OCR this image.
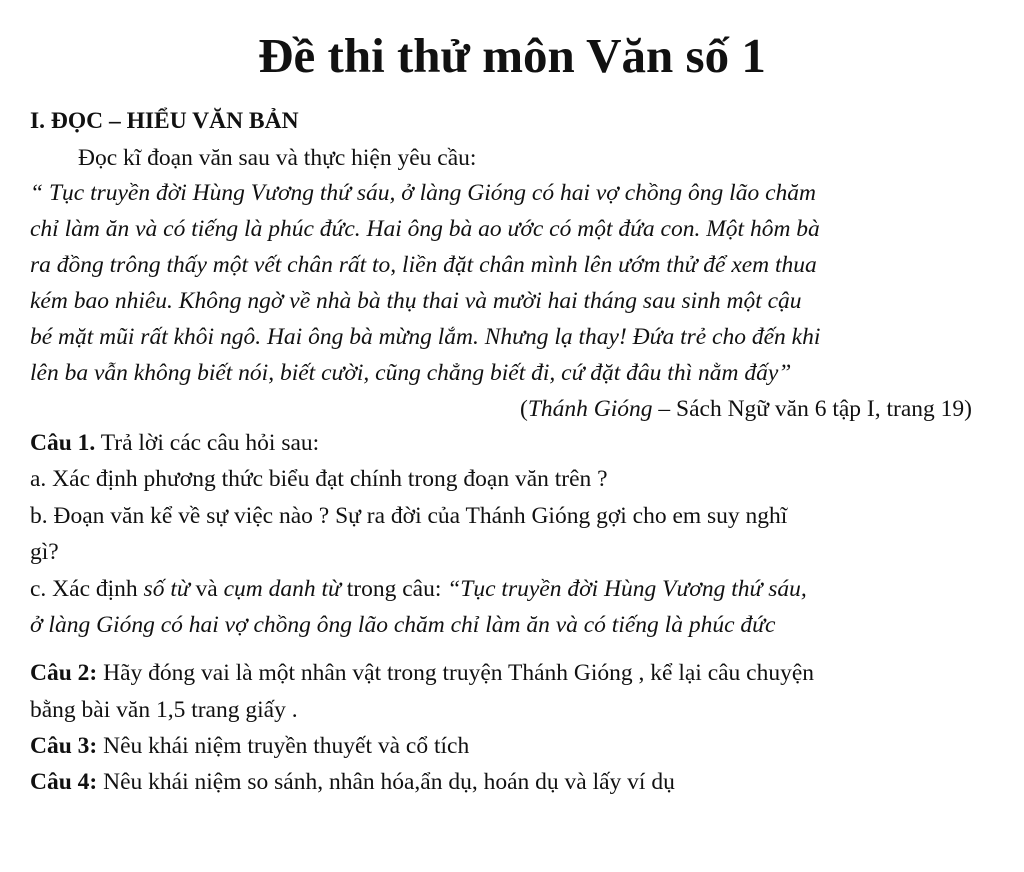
Đề thi thử môn Văn số 1
I. ĐỌC – HIỂU VĂN BẢN
Đọc kĩ đoạn văn sau và thực hiện yêu cầu:
“ Tục truyền đời Hùng Vương thứ sáu, ở làng Gióng có hai vợ chồng ông lão chăm
chỉ làm ăn và có tiếng là phúc đức. Hai ông bà ao ước có một đứa con. Một hôm bà
ra đồng trông thấy một vết chân rất to, liền đặt chân mình lên ướm thử để xem thua
kém bao nhiêu. Không ngờ về nhà bà thụ thai và mười hai tháng sau sinh một cậu
bé mặt mũi rất khôi ngô. Hai ông bà mừng lắm. Nhưng lạ thay! Đứa trẻ cho đến khi
lên ba vẫn không biết nói, biết cười, cũng chẳng biết đi, cứ đặt đâu thì nằm đấy”
(Thánh Gióng – Sách Ngữ văn 6 tập I, trang 19)
Câu 1. Trả lời các câu hỏi sau:
a. Xác định phương thức biểu đạt chính trong đoạn văn trên ?
b. Đoạn văn kể về sự việc nào ? Sự ra đời của Thánh Gióng gợi cho em suy nghĩ
gì?
c. Xác định số từ và cụm danh từ trong câu: “Tục truyền đời Hùng Vương thứ sáu,
ở làng Gióng có hai vợ chồng ông lão chăm chỉ làm ăn và có tiếng là phúc đức
Câu 2: Hãy đóng vai là một nhân vật trong truyện Thánh Gióng , kể lại câu chuyện
bằng bài văn 1,5 trang giấy .
Câu 3: Nêu khái niệm truyền thuyết và cổ tích
Câu 4: Nêu khái niệm so sánh, nhân hóa,ẩn dụ, hoán dụ và lấy ví dụ
